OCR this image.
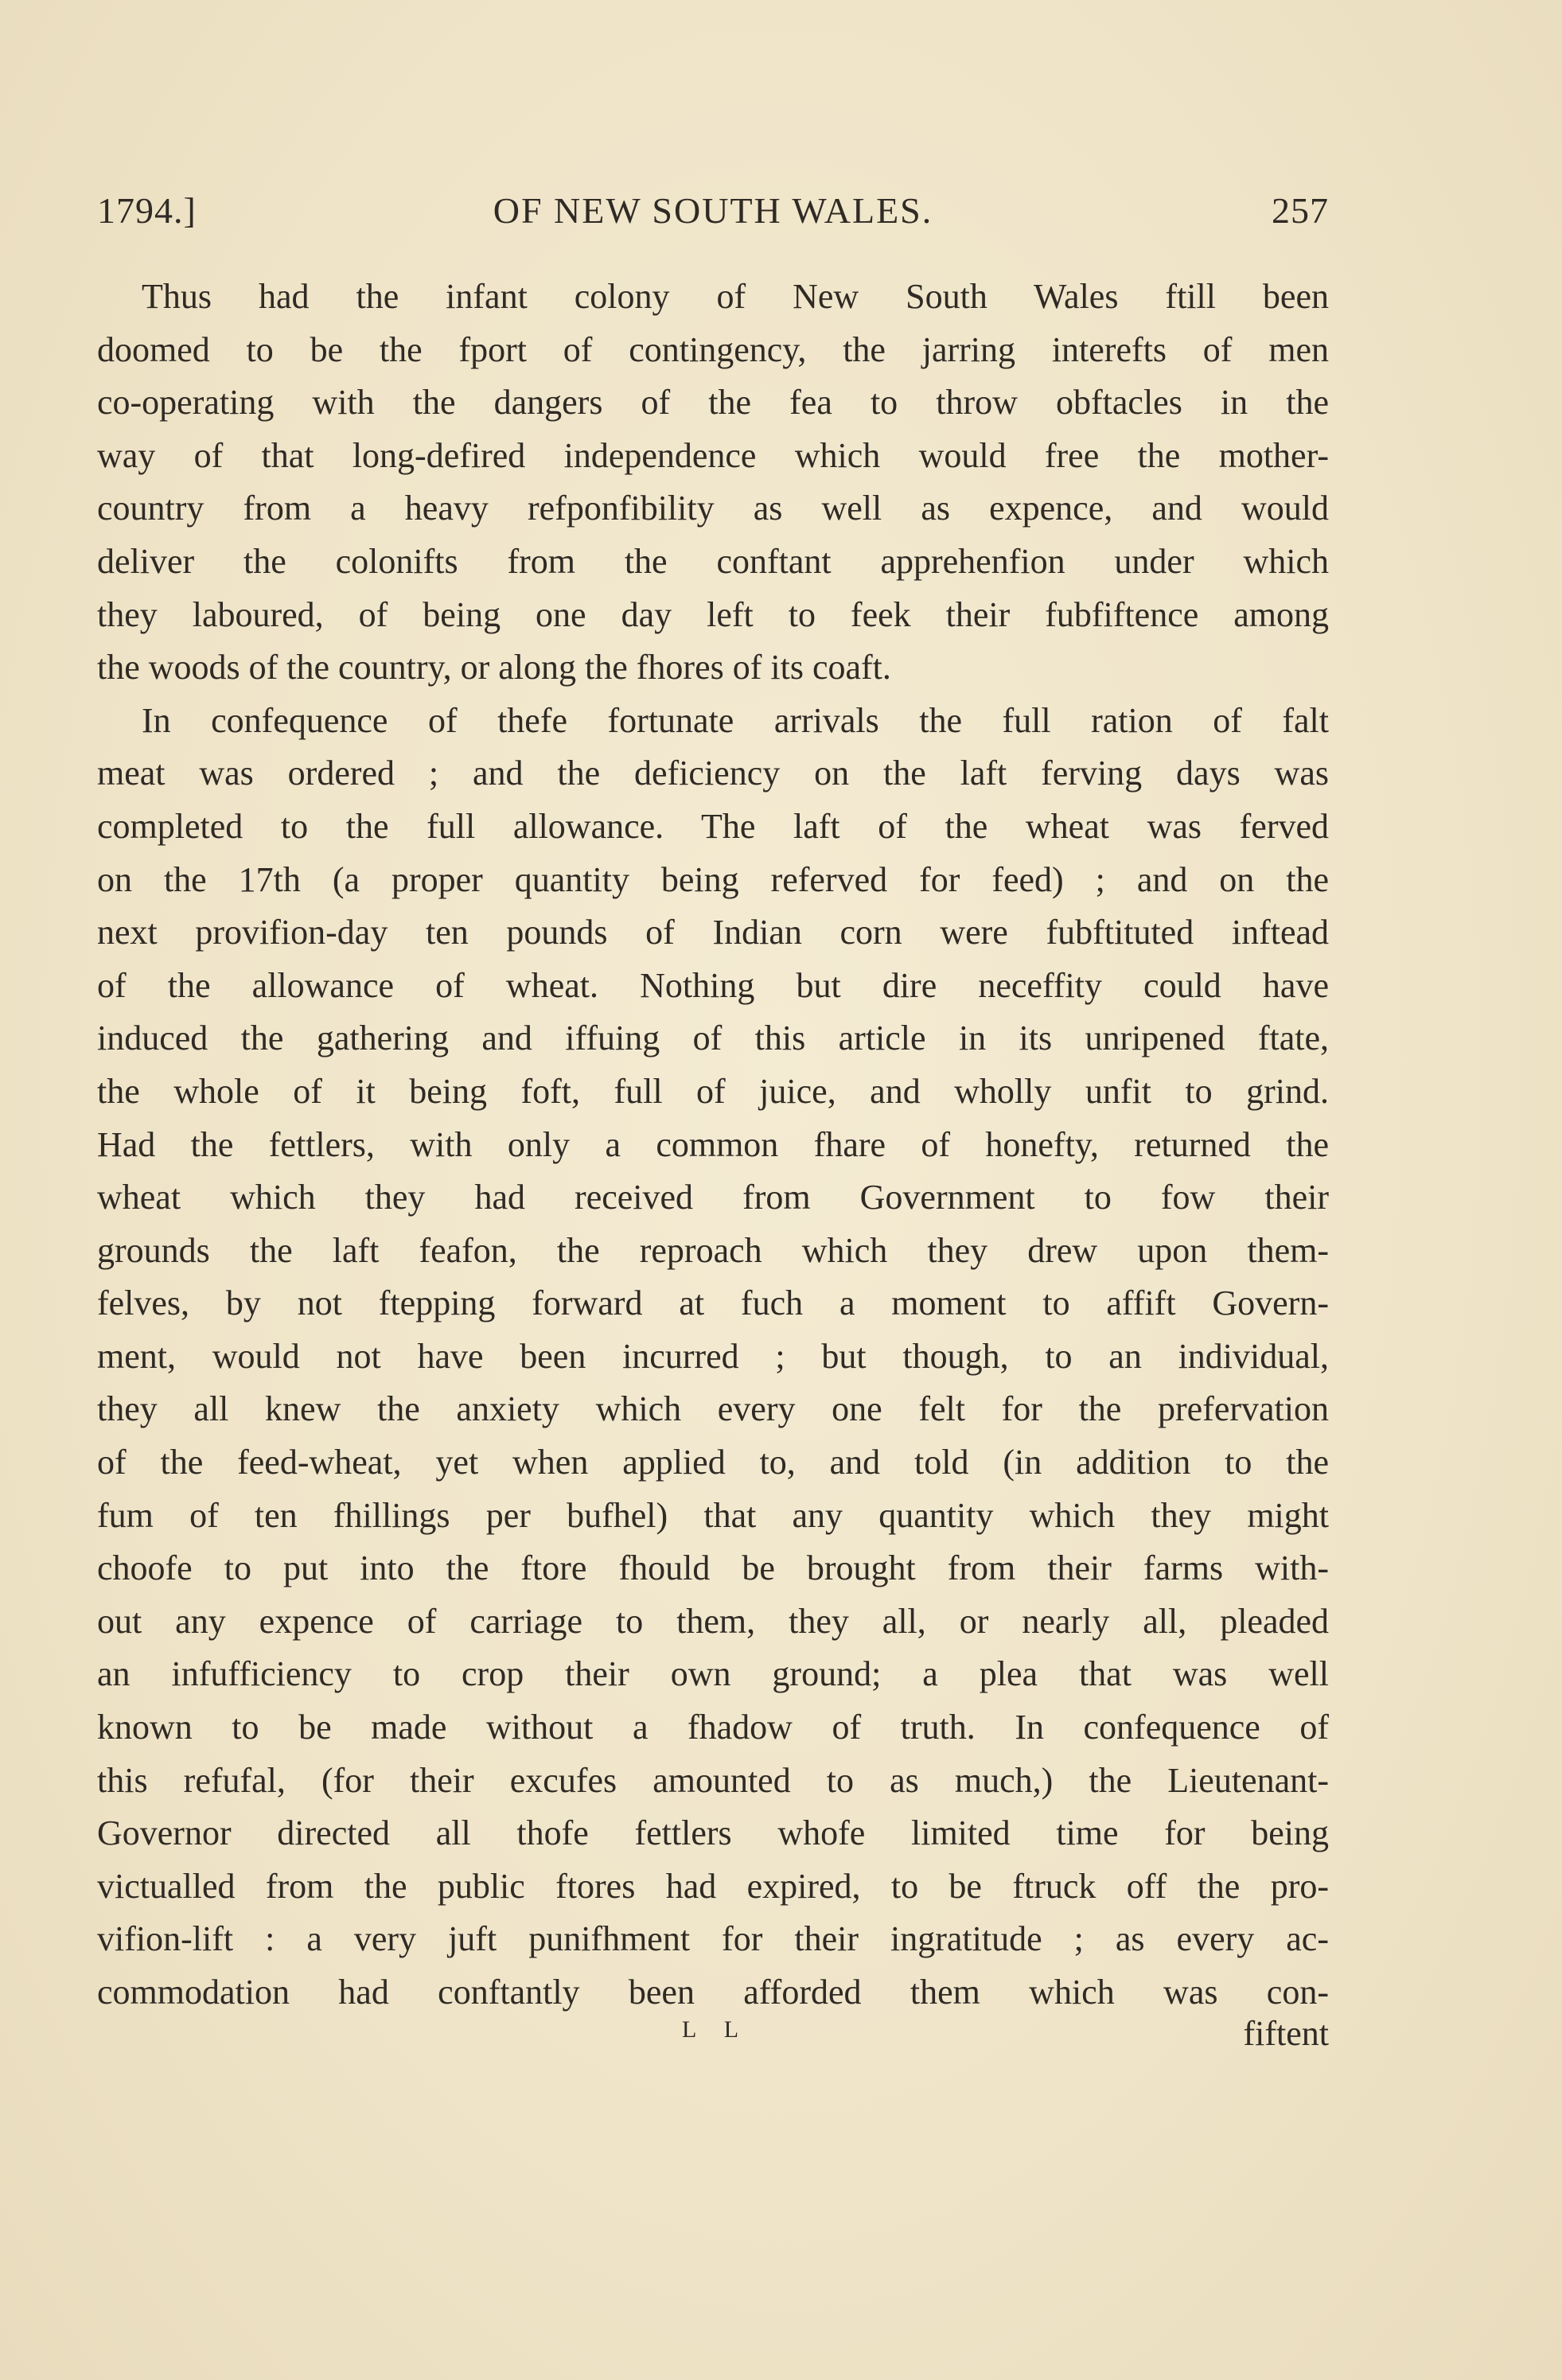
1794.]	OF NEW SOUTH WALES.	257
Thus had the infant colony of New South Wales ftill been
doomed to be the fport of contingency, the jarring interefts of men
co-operating with the dangers of the fea to throw obftacles in the
way of that long-defired independence which would free the mother-
country from a heavy refponfibility as well as expence, and would
deliver the colonifts from the conftant apprehenfion under which
they laboured, of being one day left to feek their fubfiftence among
the woods of the country, or along the fhores of its coaft.
In confequence of thefe fortunate arrivals the full ration of falt
meat was ordered ; and the deficiency on the laft ferving days was
completed to the full allowance. The laft of the wheat was ferved
on the 17th (a proper quantity being referved for feed) ; and on the
next provifion-day ten pounds of Indian corn were fubftituted inftead
of the allowance of wheat. Nothing but dire neceffity could have
induced the gathering and iffuing of this article in its unripened ftate,
the whole of it being foft, full of juice, and wholly unfit to grind.
Had the fettlers, with only a common fhare of honefty, returned the
wheat which they had received from Government to fow their
grounds the laft feafon, the reproach which they drew upon them-
felves, by not ftepping forward at fuch a moment to affift Govern-
ment, would not have been incurred ; but though, to an individual,
they all knew the anxiety which every one felt for the prefervation
of the feed-wheat, yet when applied to, and told (in addition to the
fum of ten fhillings per bufhel) that any quantity which they might
choofe to put into the ftore fhould be brought from their farms with-
out any expence of carriage to them, they all, or nearly all, pleaded
an infufficiency to crop their own ground; a plea that was well
known to be made without a fhadow of truth. In confequence of
this refufal, (for their excufes amounted to as much,) the Lieutenant-
Governor directed all thofe fettlers whofe limited time for being
victualled from the public ftores had expired, to be ftruck off the pro-
vifion-lift : a very juft punifhment for their ingratitude ; as every ac-
commodation had conftantly been afforded them which was con-
L L	fiftent
